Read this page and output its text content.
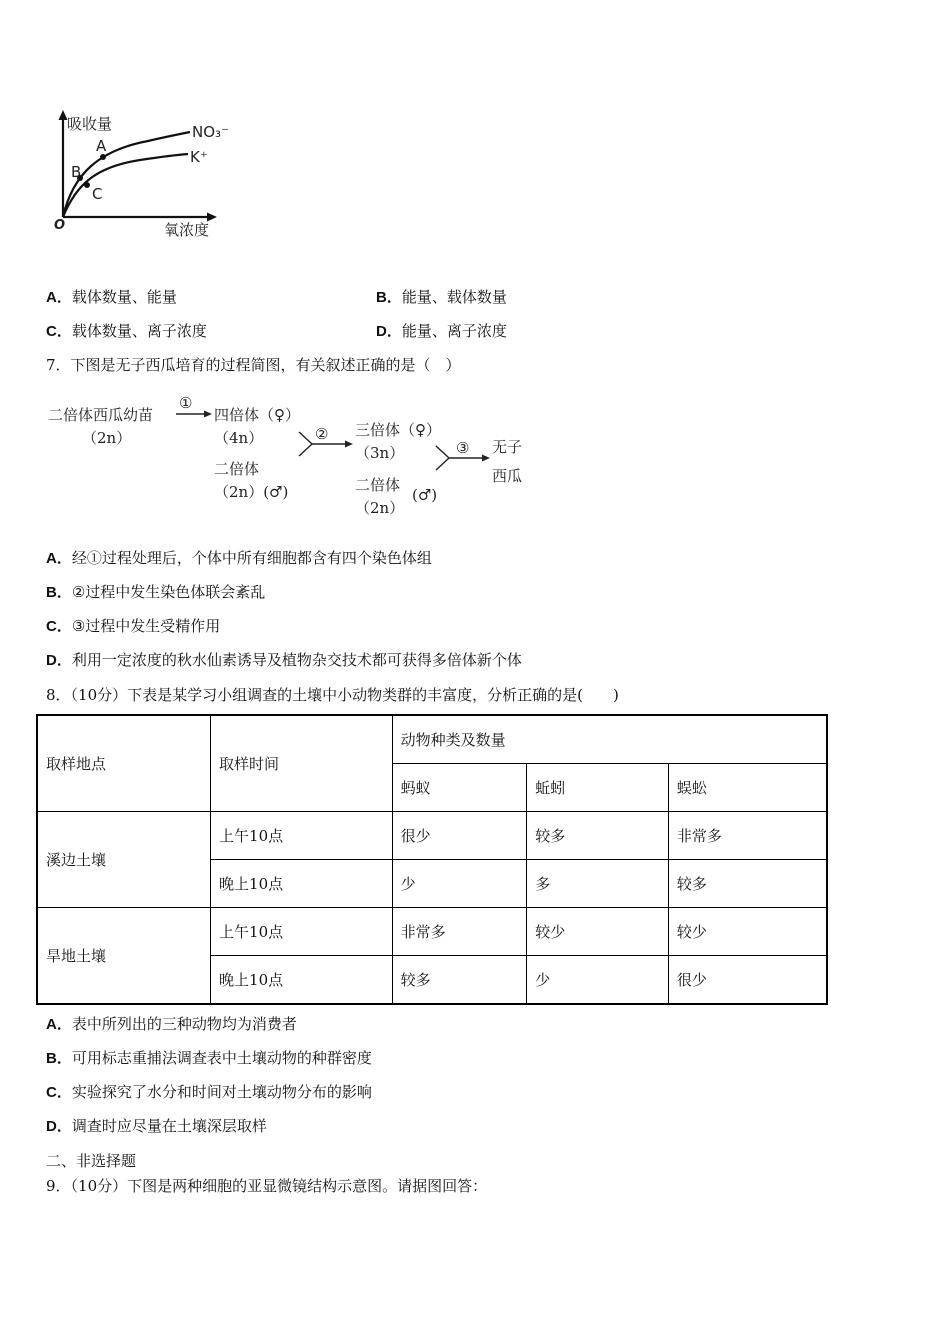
吸收量
氧浓度
O
NO₃⁻
K⁺
A
B
C
A．载体数量、能量	B．能量、载体数量
C．载体数量、离子浓度	D．能量、离子浓度
7．下图是无子西瓜培育的过程简图，有关叙述正确的是（　）
二倍体西瓜幼苗
（2n）
①
四倍体（♀）
（4n）
二倍体
（2n）(♂)
② 三倍体（♀）
（3n）
二倍体
(♂)
（2n）
③ 无子
西瓜
A．经①过程处理后，个体中所有细胞都含有四个染色体组
B．②过程中发生染色体联会紊乱
C．③过程中发生受精作用
D．利用一定浓度的秋水仙素诱导及植物杂交技术都可获得多倍体新个体
8．（10分）下表是某学习小组调查的土壤中小动物类群的丰富度，分析正确的是(　　)
取样地点	取样时间	动物种类及数量		
		蚂蚁	蚯蚓	蜈蚣
溪边土壤	上午10点	很少	较多	非常多
	晚上10点	少	多	较多
旱地土壤	上午10点	非常多	较少	较少
	晚上10点	较多	少	很少
A．表中所列出的三种动物均为消费者
B．可用标志重捕法调查表中土壤动物的种群密度
C．实验探究了水分和时间对土壤动物分布的影响
D．调查时应尽量在土壤深层取样
二、非选择题
9．（10分）下图是两种细胞的亚显微镜结构示意图。请据图回答：
